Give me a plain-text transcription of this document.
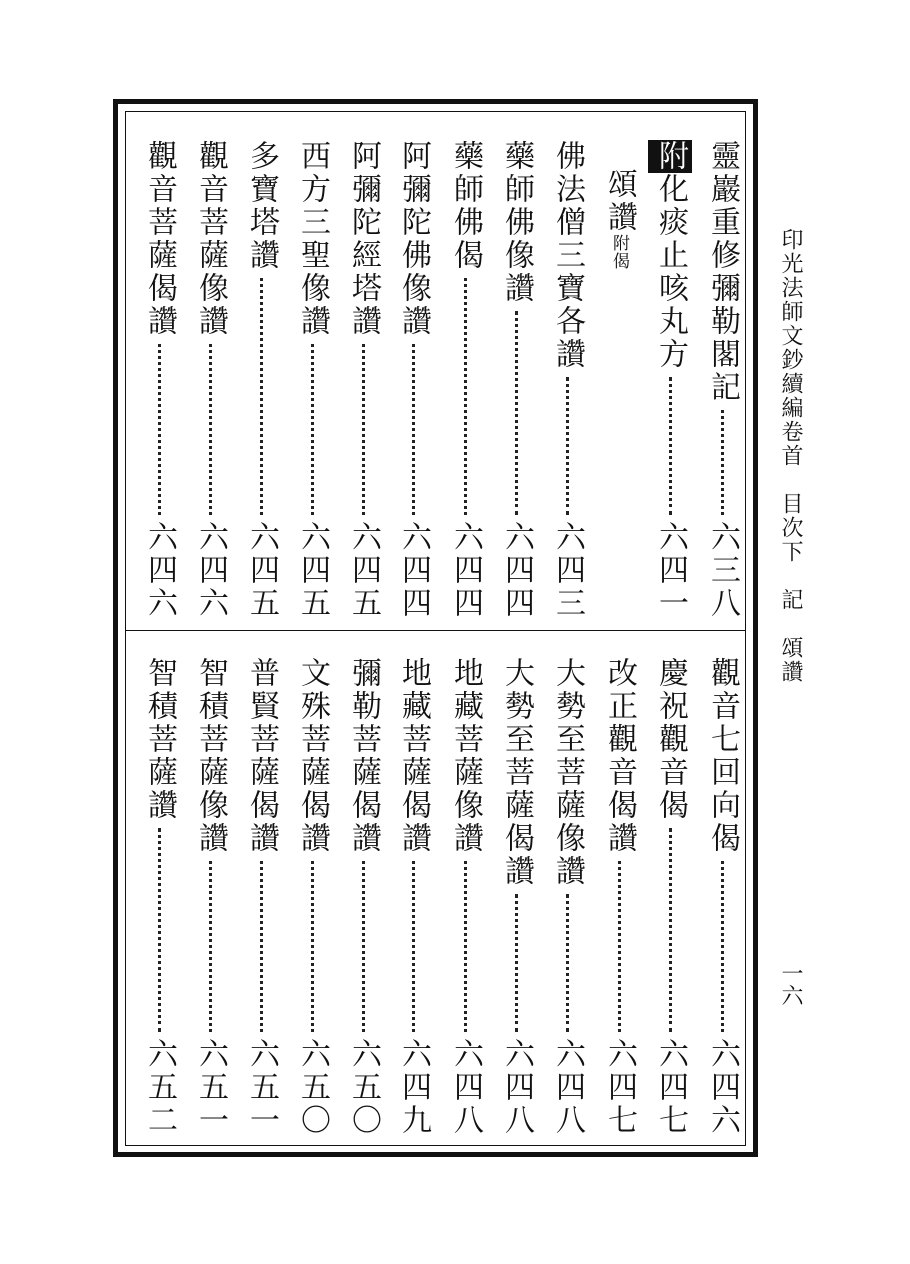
印光法師文鈔續編卷首　目次下　記　頌讚
一六
靈巖重修彌勒閣記
六三八
附化痰止咳丸方
六四一
頌讚附偈
佛法僧三寶各讚
六四三
藥師佛像讚
六四四
藥師佛偈
六四四
阿彌陀佛像讚
六四四
阿彌陀經塔讚
六四五
西方三聖像讚
六四五
多寶塔讚
六四五
觀音菩薩像讚
六四六
觀音菩薩偈讚
六四六
觀音七回向偈
六四六
慶祝觀音偈
六四七
改正觀音偈讚
六四七
大勢至菩薩像讚
六四八
大勢至菩薩偈讚
六四八
地藏菩薩像讚
六四八
地藏菩薩偈讚
六四九
彌勒菩薩偈讚
六五〇
文殊菩薩偈讚
六五〇
普賢菩薩偈讚
六五一
智積菩薩像讚
六五一
智積菩薩讚
六五二
